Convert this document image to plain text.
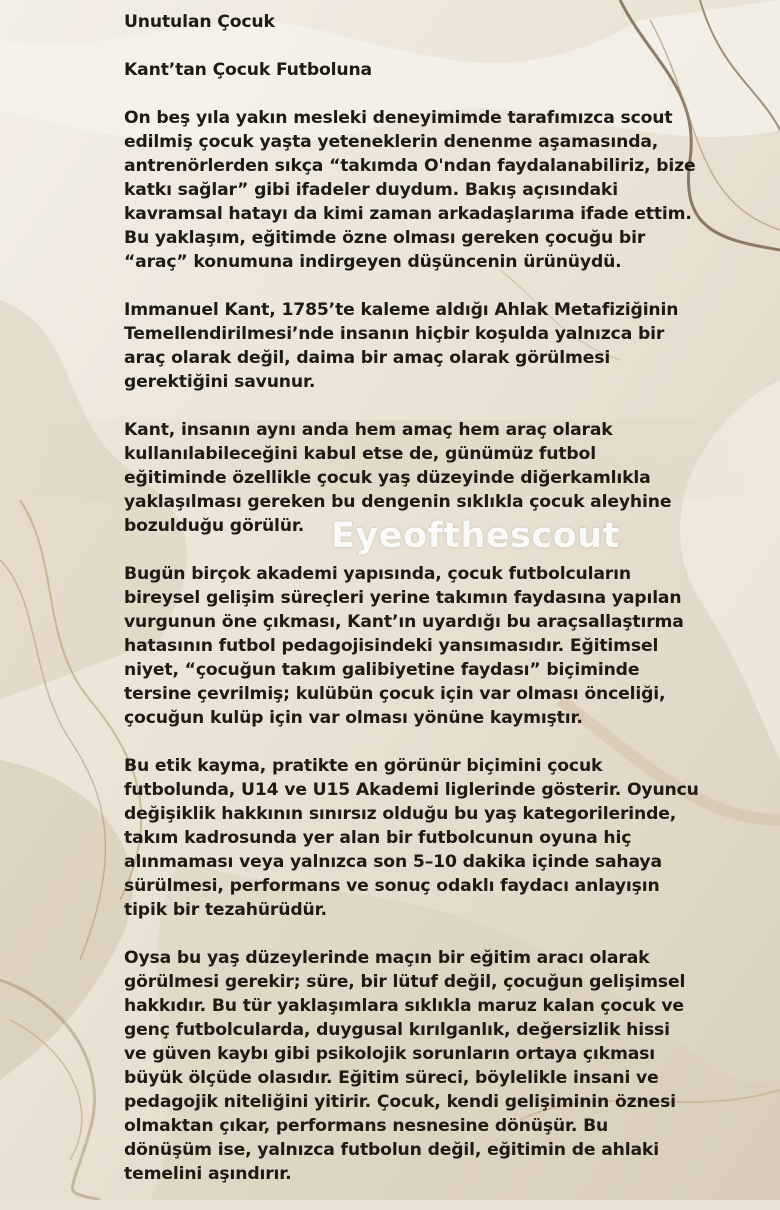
Unutulan Çocuk
Kant’tan Çocuk Futboluna
On beş yıla yakın mesleki deneyimimde tarafımızca scout
edilmiş çocuk yaşta yeteneklerin denenme aşamasında,
antrenörlerden sıkça “takımda O'ndan faydalanabiliriz, bize
katkı sağlar” gibi ifadeler duydum. Bakış açısındaki
kavramsal hatayı da kimi zaman arkadaşlarıma ifade ettim.
Bu yaklaşım, eğitimde özne olması gereken çocuğu bir
“araç” konumuna indirgeyen düşüncenin ürünüydü.
Immanuel Kant, 1785’te kaleme aldığı Ahlak Metafiziğinin
Temellendirilmesi’nde insanın hiçbir koşulda yalnızca bir
araç olarak değil, daima bir amaç olarak görülmesi
gerektiğini savunur.
Kant, insanın aynı anda hem amaç hem araç olarak
kullanılabileceğini kabul etse de, günümüz futbol
eğitiminde özellikle çocuk yaş düzeyinde diğerkamlıkla
yaklaşılması gereken bu dengenin sıklıkla çocuk aleyhine
bozulduğu görülür.
Bugün birçok akademi yapısında, çocuk futbolcuların
bireysel gelişim süreçleri yerine takımın faydasına yapılan
vurgunun öne çıkması, Kant’ın uyardığı bu araçsallaştırma
hatasının futbol pedagojisindeki yansımasıdır. Eğitimsel
niyet, “çocuğun takım galibiyetine faydası” biçiminde
tersine çevrilmiş; kulübün çocuk için var olması önceliği,
çocuğun kulüp için var olması yönüne kaymıştır.
Bu etik kayma, pratikte en görünür biçimini çocuk
futbolunda, U14 ve U15 Akademi liglerinde gösterir. Oyuncu
değişiklik hakkının sınırsız olduğu bu yaş kategorilerinde,
takım kadrosunda yer alan bir futbolcunun oyuna hiç
alınmaması veya yalnızca son 5–10 dakika içinde sahaya
sürülmesi, performans ve sonuç odaklı faydacı anlayışın
tipik bir tezahürüdür.
Oysa bu yaş düzeylerinde maçın bir eğitim aracı olarak
görülmesi gerekir; süre, bir lütuf değil, çocuğun gelişimsel
hakkıdır. Bu tür yaklaşımlara sıklıkla maruz kalan çocuk ve
genç futbolcularda, duygusal kırılganlık, değersizlik hissi
ve güven kaybı gibi psikolojik sorunların ortaya çıkması
büyük ölçüde olasıdır. Eğitim süreci, böylelikle insani ve
pedagojik niteliğini yitirir. Çocuk, kendi gelişiminin öznesi
olmaktan çıkar, performans nesnesine dönüşür. Bu
dönüşüm ise, yalnızca futbolun değil, eğitimin de ahlaki
temelini aşındırır.
Eyeofthescout
